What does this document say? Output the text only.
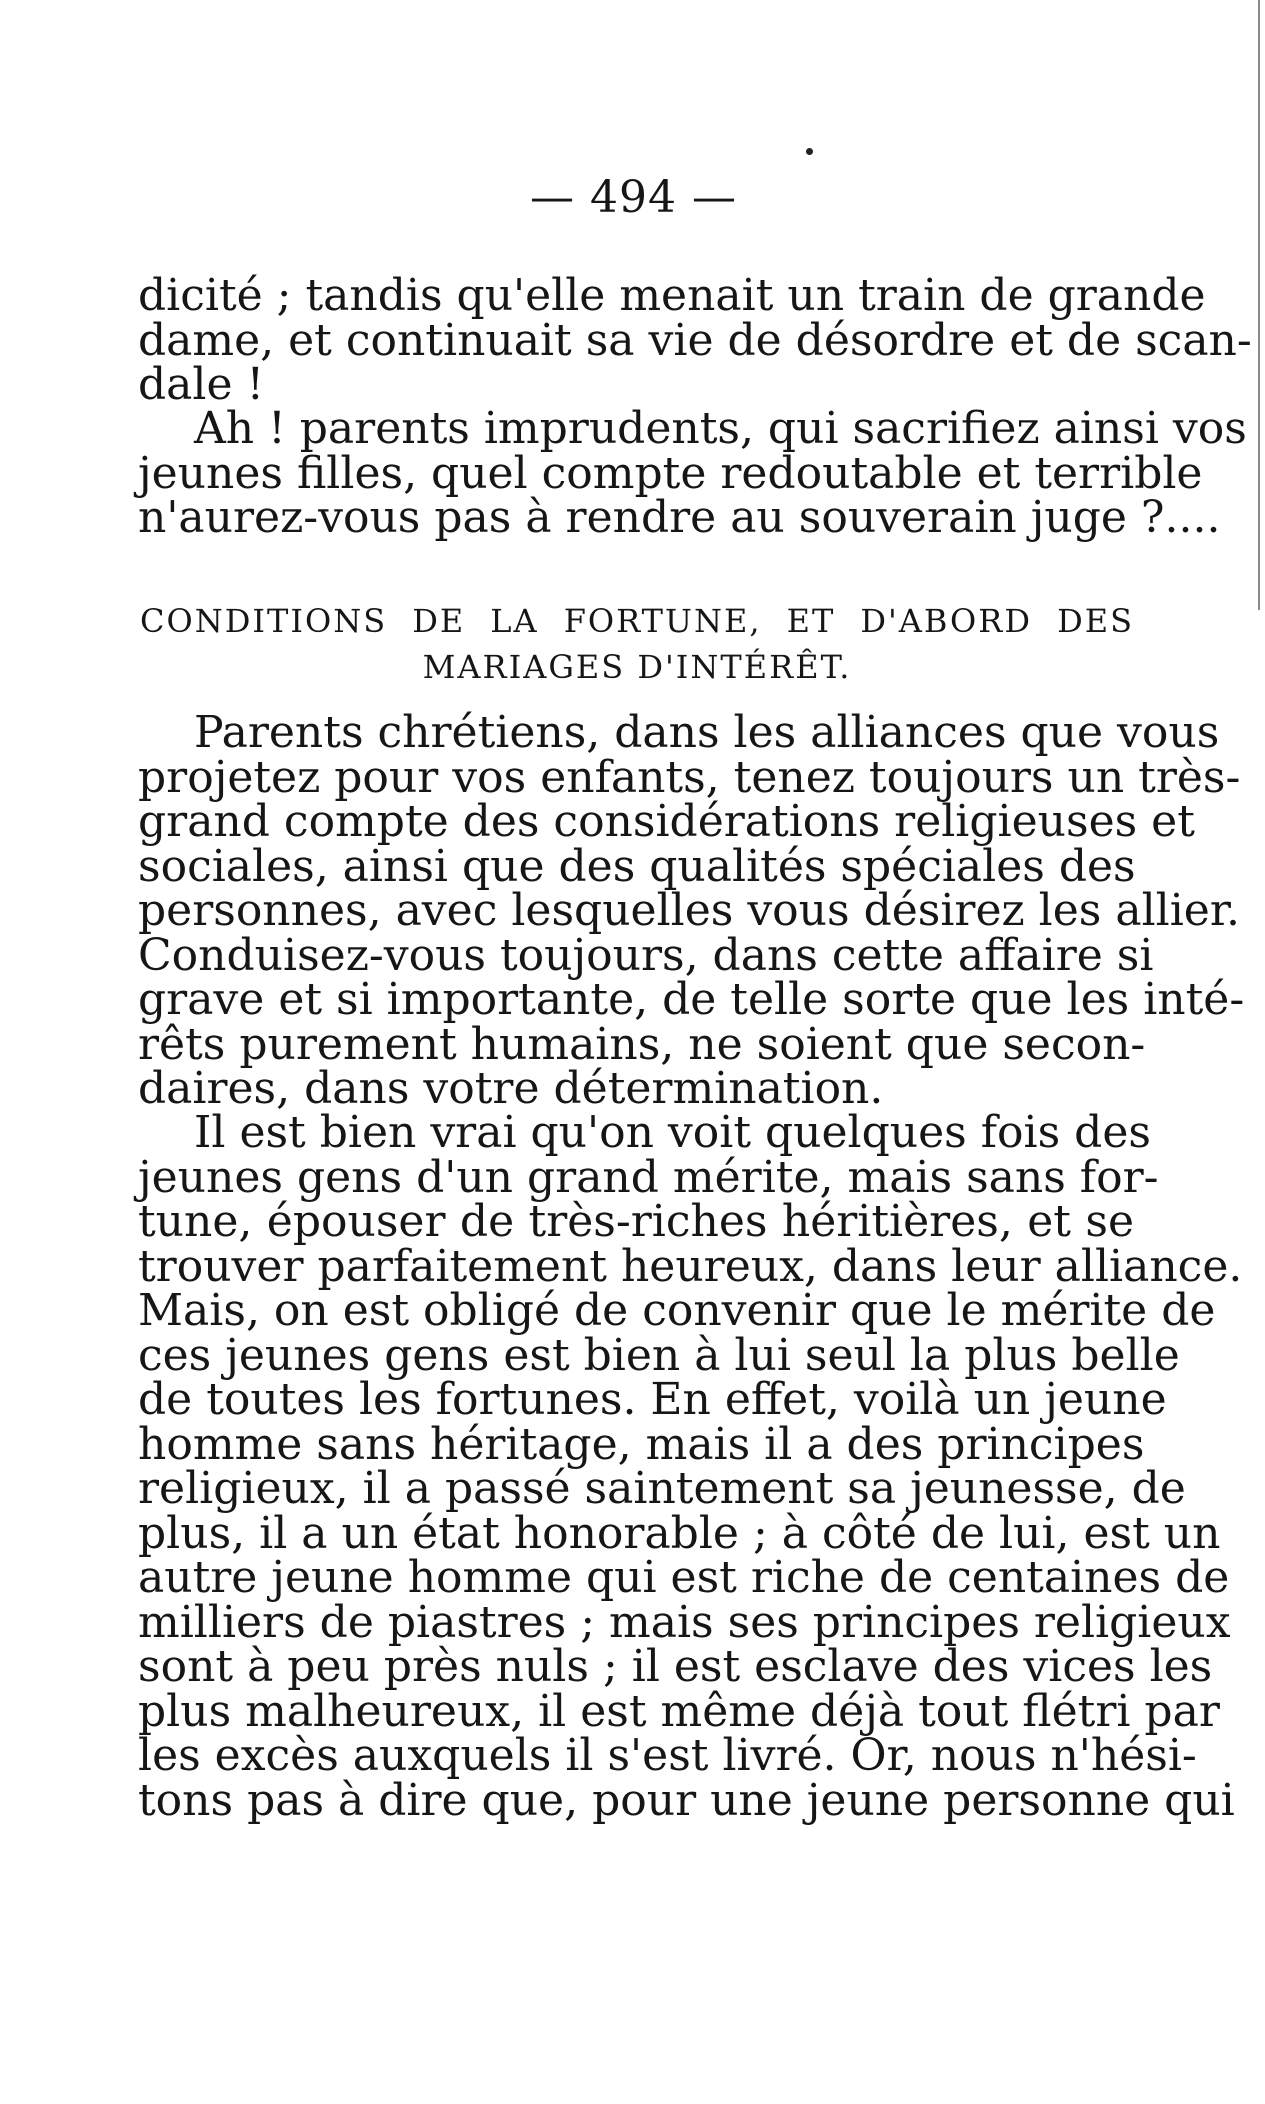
— 494 —
dicité ; tandis qu'elle menait un train de grande
dame, et continuait sa vie de désordre et de scan-
dale !
Ah ! parents imprudents, qui sacrifiez ainsi vos
jeunes filles, quel compte redoutable et terrible
n'aurez-vous pas à rendre au souverain juge ?....
CONDITIONS DE LA FORTUNE, ET D'ABORD DES
MARIAGES D'INTÉRÊT.
Parents chrétiens, dans les alliances que vous
projetez pour vos enfants, tenez toujours un très-
grand compte des considérations religieuses et
sociales, ainsi que des qualités spéciales des
personnes, avec lesquelles vous désirez les allier.
Conduisez-vous toujours, dans cette affaire si
grave et si importante, de telle sorte que les inté-
rêts purement humains, ne soient que secon-
daires, dans votre détermination.
Il est bien vrai qu'on voit quelques fois des
jeunes gens d'un grand mérite, mais sans for-
tune, épouser de très-riches héritières, et se
trouver parfaitement heureux, dans leur alliance.
Mais, on est obligé de convenir que le mérite de
ces jeunes gens est bien à lui seul la plus belle
de toutes les fortunes. En effet, voilà un jeune
homme sans héritage, mais il a des principes
religieux, il a passé saintement sa jeunesse, de
plus, il a un état honorable ; à côté de lui, est un
autre jeune homme qui est riche de centaines de
milliers de piastres ; mais ses principes religieux
sont à peu près nuls ; il est esclave des vices les
plus malheureux, il est même déjà tout flétri par
les excès auxquels il s'est livré. Or, nous n'hési-
tons pas à dire que, pour une jeune personne qui
